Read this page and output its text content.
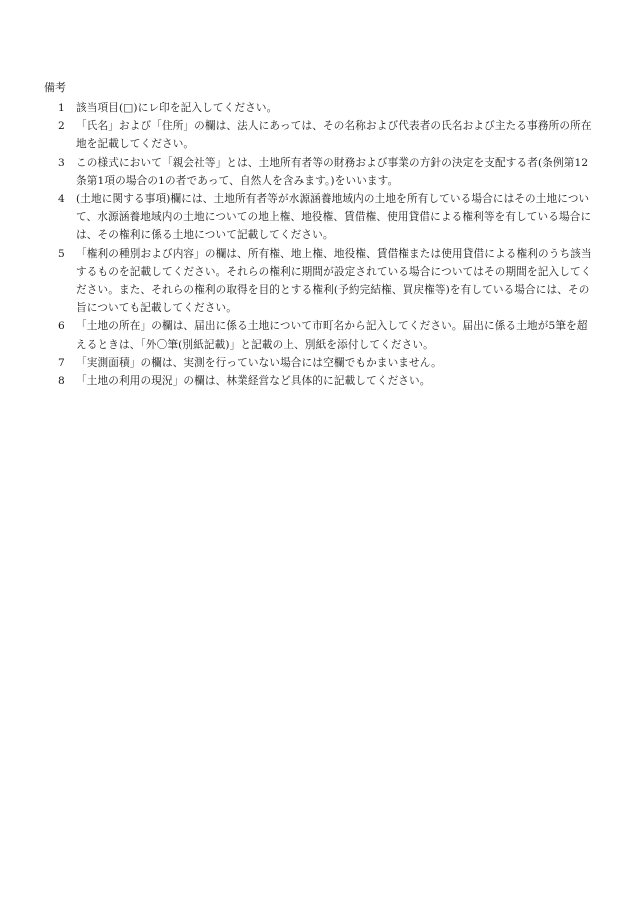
備考
1	該当項目(□)にレ印を記入してください。
2	「氏名」および「住所」の欄は、法人にあっては、その名称および代表者の氏名および主たる事務所の所在地を記載してください。
3	この様式において「親会社等」とは、土地所有者等の財務および事業の方針の決定を支配する者(条例第12条第1項の場合の1の者であって、自然人を含みます。)をいいます。
4	(土地に関する事項)欄には、土地所有者等が水源涵養地域内の土地を所有している場合にはその土地について、水源涵養地域内の土地についての地上権、地役権、賃借権、使用貸借による権利等を有している場合には、その権利に係る土地について記載してください。
5	「権利の種別および内容」の欄は、所有権、地上権、地役権、賃借権または使用貸借による権利のうち該当するものを記載してください。それらの権利に期間が設定されている場合についてはその期間を記入してください。また、それらの権利の取得を目的とする権利(予約完結権、買戻権等)を有している場合には、その旨についても記載してください。
6	「土地の所在」の欄は、届出に係る土地について市町名から記入してください。届出に係る土地が5筆を超えるときは、「外〇筆(別紙記載)」と記載の上、別紙を添付してください。
7	「実測面積」の欄は、実測を行っていない場合には空欄でもかまいません。
8	「土地の利用の現況」の欄は、林業経営など具体的に記載してください。
